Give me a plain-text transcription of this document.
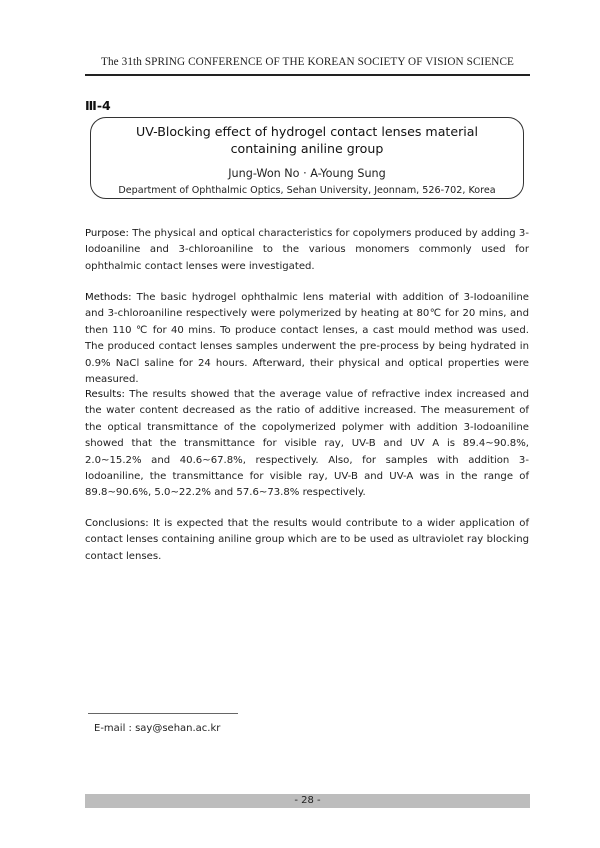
The 31th SPRING CONFERENCE OF THE KOREAN SOCIETY OF VISION SCIENCE
Ⅲ-4
UV-Blocking effect of hydrogel contact lenses material containing aniline group
Jung-Won No · A-Young Sung
Department of Ophthalmic Optics, Sehan University, Jeonnam, 526-702, Korea
Purpose: The physical and optical characteristics for copolymers produced by adding 3-Iodoaniline and 3-chloroaniline to the various monomers commonly used for ophthalmic contact lenses were investigated.
Methods: The basic hydrogel ophthalmic lens material with addition of 3-Iodoaniline and 3-chloroaniline respectively were polymerized by heating at 80℃ for 20 mins, and then 110 ℃ for 40 mins. To produce contact lenses, a cast mould method was used. The produced contact lenses samples underwent the pre-process by being hydrated in 0.9% NaCl saline for 24 hours. Afterward, their physical and optical properties were measured.
Results: The results showed that the average value of refractive index increased and the water content decreased as the ratio of additive increased. The measurement of the optical transmittance of the copolymerized polymer with addition 3-Iodoaniline showed that the transmittance for visible ray, UV-B and UV A is 89.4~90.8%, 2.0~15.2% and 40.6~67.8%, respectively. Also, for samples with addition 3-Iodoaniline, the transmittance for visible ray, UV-B and UV-A was in the range of 89.8~90.6%, 5.0~22.2% and 57.6~73.8% respectively.
Conclusions: It is expected that the results would contribute to a wider application of contact lenses containing aniline group which are to be used as ultraviolet ray blocking contact lenses.
E-mail : say@sehan.ac.kr
- 28 -
